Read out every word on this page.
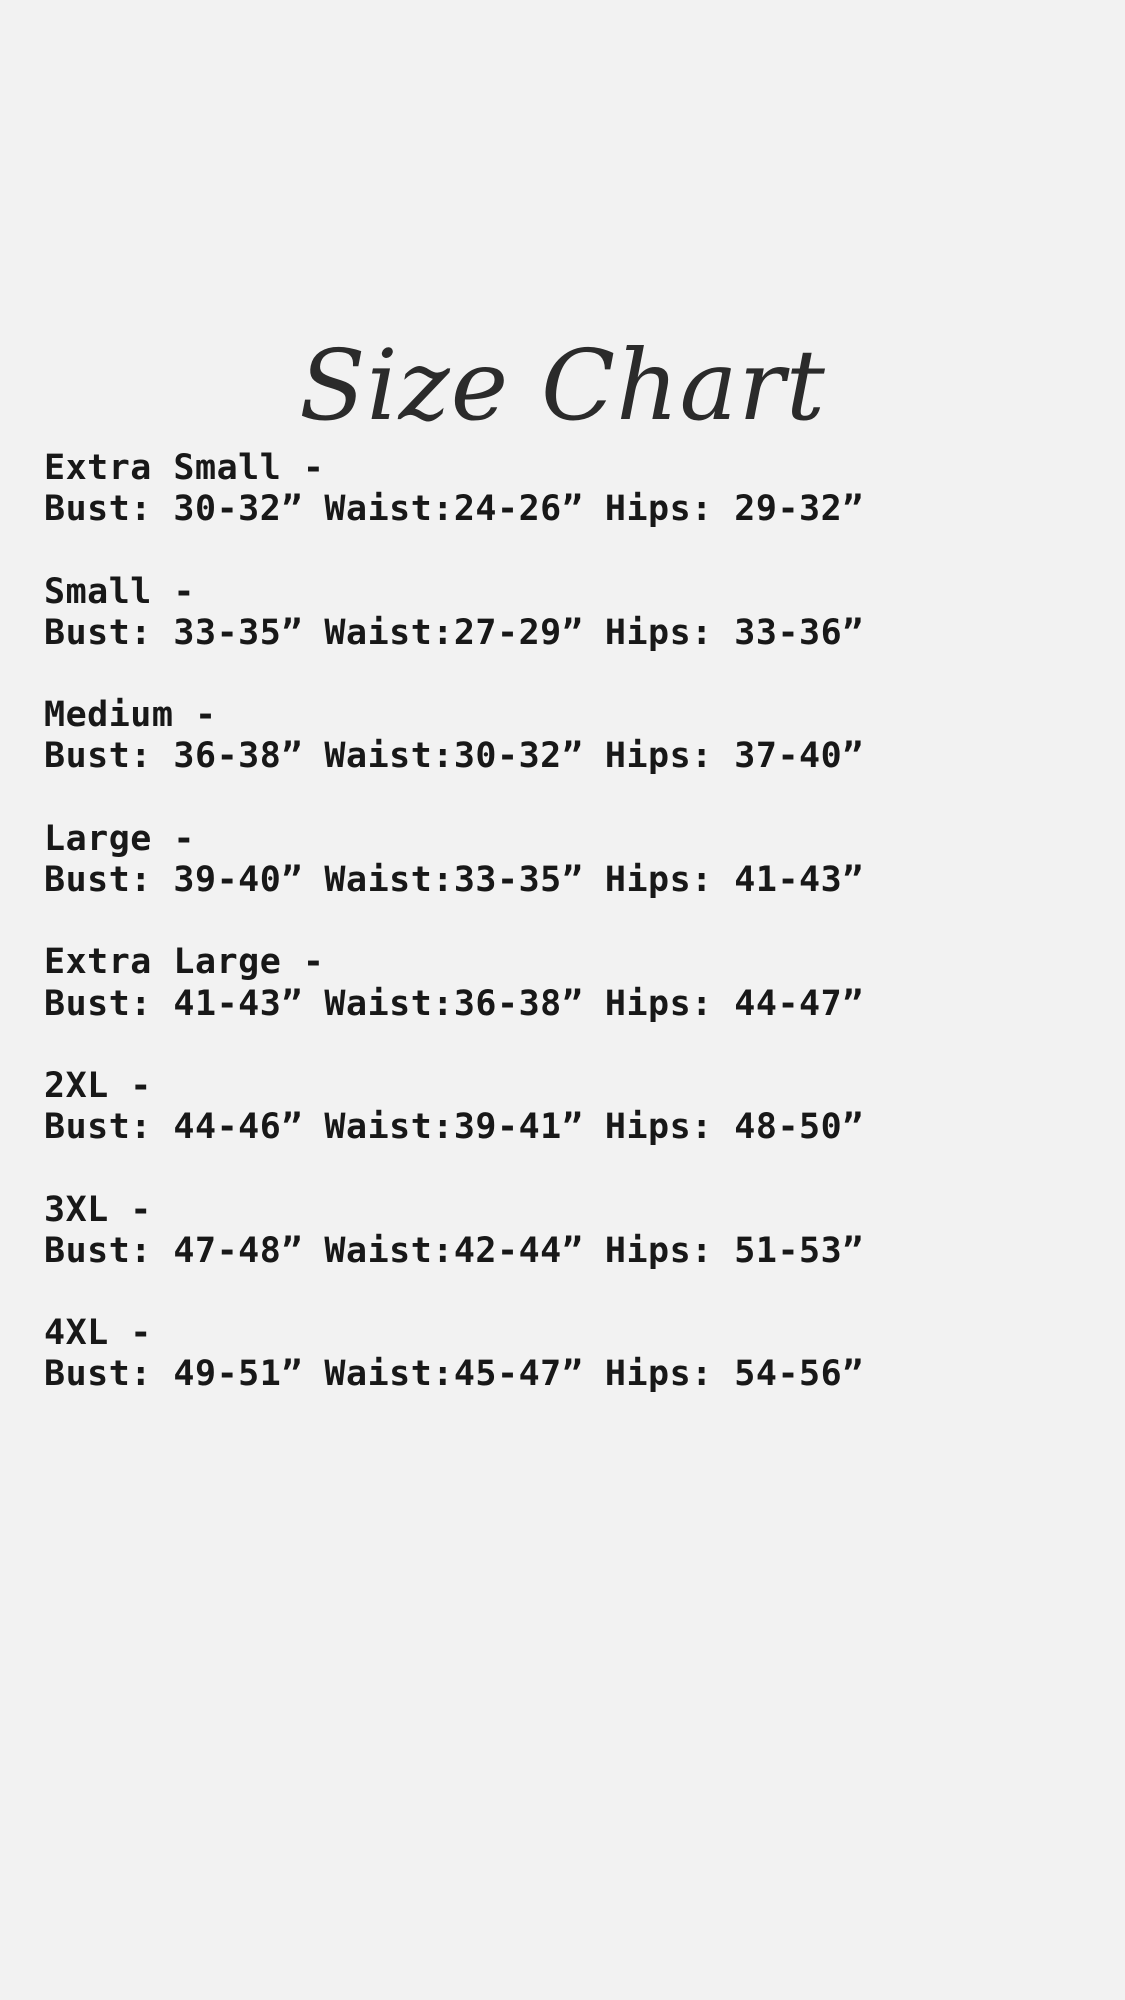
Size Chart
Extra Small -
Bust: 30-32” Waist:24-26” Hips: 29-32”
Small -
Bust: 33-35” Waist:27-29” Hips: 33-36”
Medium -
Bust: 36-38” Waist:30-32” Hips: 37-40”
Large -
Bust: 39-40” Waist:33-35” Hips: 41-43”
Extra Large -
Bust: 41-43” Waist:36-38” Hips: 44-47”
2XL -
Bust: 44-46” Waist:39-41” Hips: 48-50”
3XL -
Bust: 47-48” Waist:42-44” Hips: 51-53”
4XL -
Bust: 49-51” Waist:45-47” Hips: 54-56”
